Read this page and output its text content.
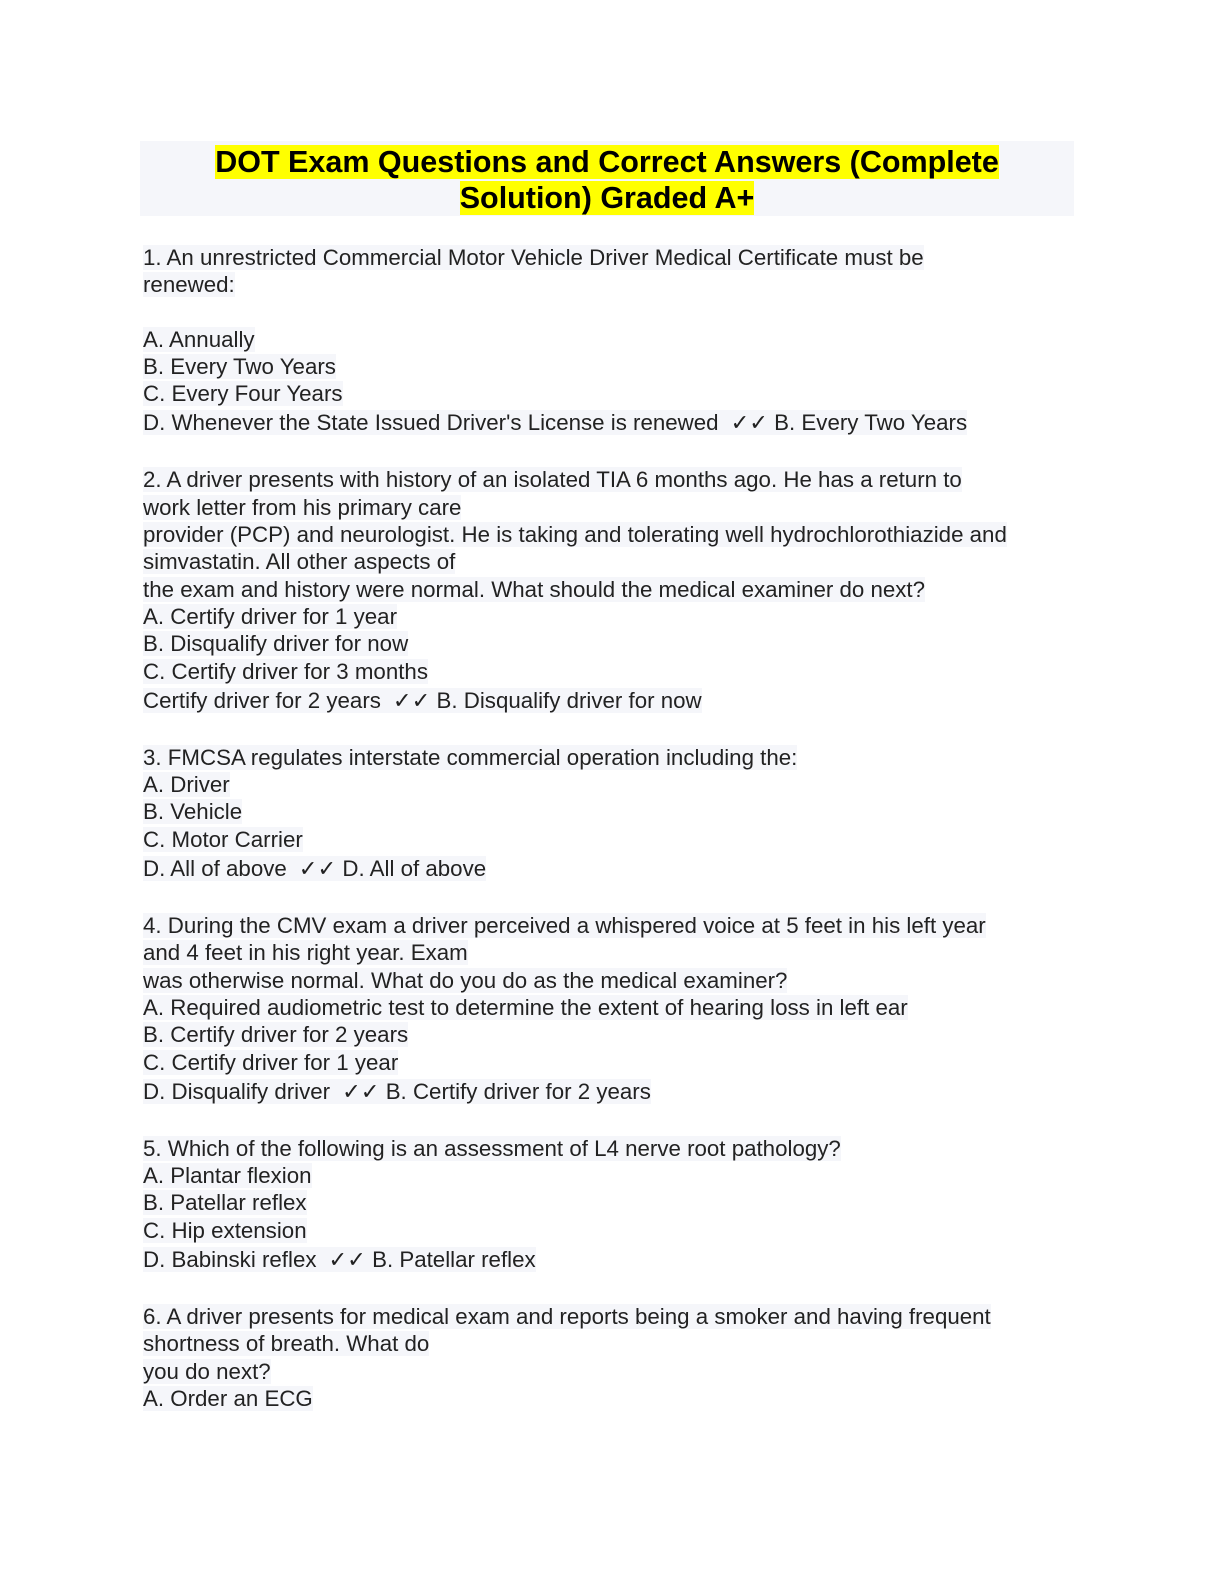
DOT Exam Questions and Correct Answers (Complete
Solution) Graded A+
1. An unrestricted Commercial Motor Vehicle Driver Medical Certificate must be
renewed:
A. Annually
B. Every Two Years
C. Every Four Years
D. Whenever the State Issued Driver's License is renewed ✓✓ B. Every Two Years
2. A driver presents with history of an isolated TIA 6 months ago. He has a return to
work letter from his primary care
provider (PCP) and neurologist. He is taking and tolerating well hydrochlorothiazide and
simvastatin. All other aspects of
the exam and history were normal. What should the medical examiner do next?
A. Certify driver for 1 year
B. Disqualify driver for now
C. Certify driver for 3 months
Certify driver for 2 years ✓✓ B. Disqualify driver for now
3. FMCSA regulates interstate commercial operation including the:
A. Driver
B. Vehicle
C. Motor Carrier
D. All of above ✓✓ D. All of above
4. During the CMV exam a driver perceived a whispered voice at 5 feet in his left year
and 4 feet in his right year. Exam
was otherwise normal. What do you do as the medical examiner?
A. Required audiometric test to determine the extent of hearing loss in left ear
B. Certify driver for 2 years
C. Certify driver for 1 year
D. Disqualify driver ✓✓ B. Certify driver for 2 years
5. Which of the following is an assessment of L4 nerve root pathology?
A. Plantar flexion
B. Patellar reflex
C. Hip extension
D. Babinski reflex ✓✓ B. Patellar reflex
6. A driver presents for medical exam and reports being a smoker and having frequent
shortness of breath. What do
you do next?
A. Order an ECG
